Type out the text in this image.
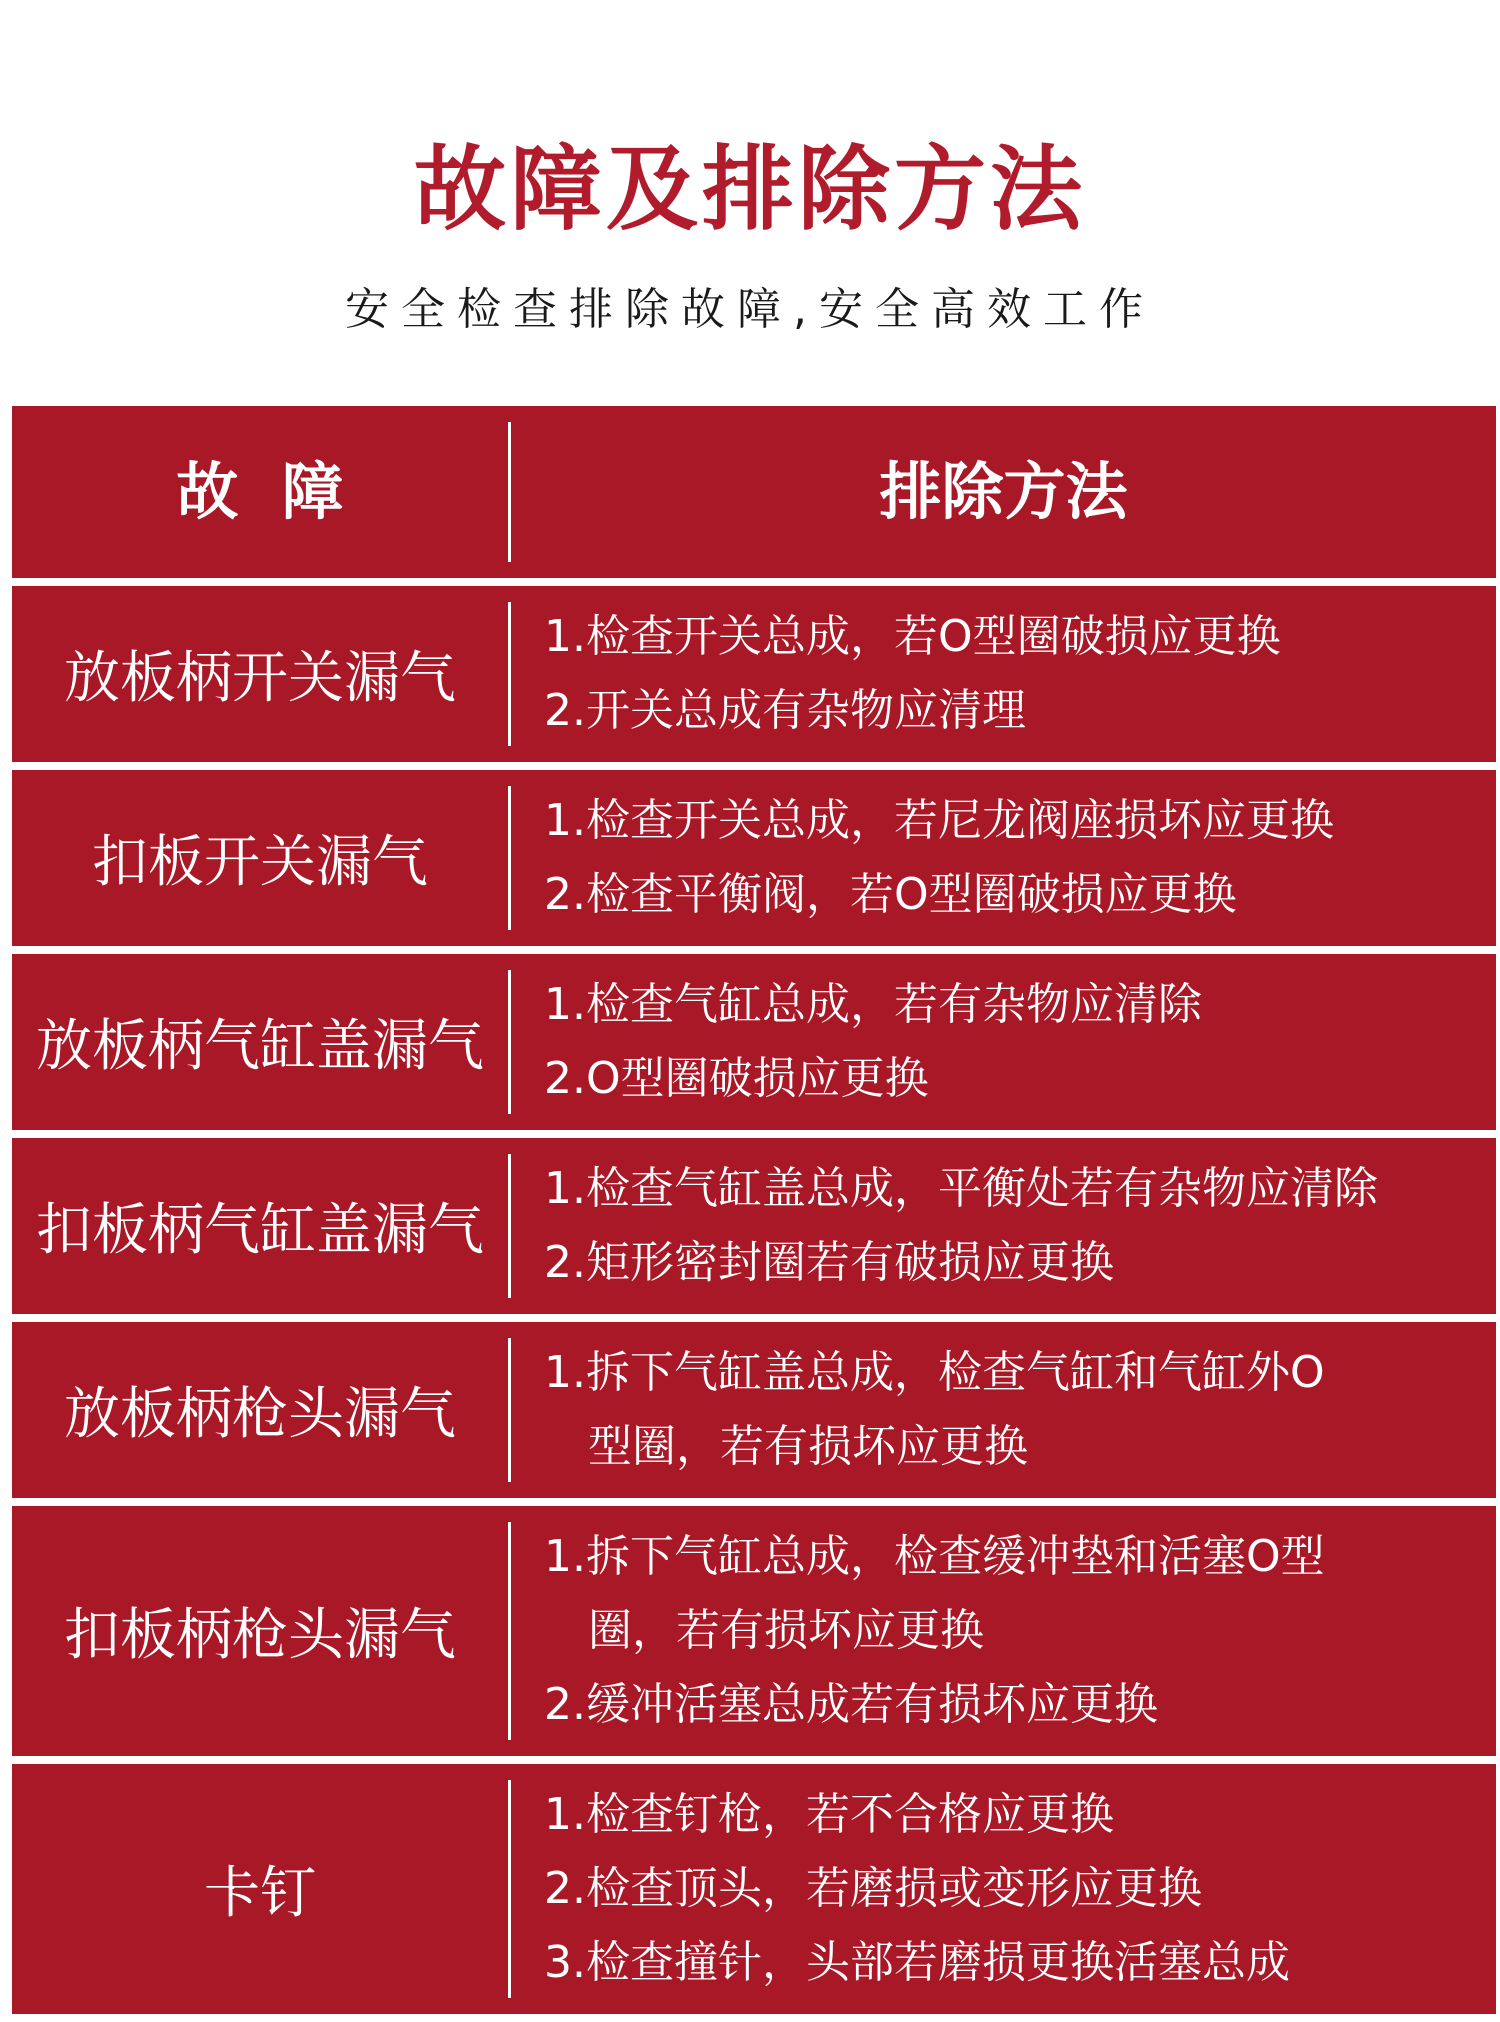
故障及排除方法
安全检查排除故障,安全高效工作
故  障	排除方法
放板柄开关漏气
1.检查开关总成，若O型圈破损应更换
2.开关总成有杂物应清理
扣板开关漏气
1.检查开关总成，若尼龙阀座损坏应更换
2.检查平衡阀，若O型圈破损应更换
放板柄气缸盖漏气
1.检查气缸总成，若有杂物应清除
2.O型圈破损应更换
扣板柄气缸盖漏气
1.检查气缸盖总成，平衡处若有杂物应清除
2.矩形密封圈若有破损应更换
放板柄枪头漏气
1.拆下气缸盖总成，检查气缸和气缸外O
型圈，若有损坏应更换
扣板柄枪头漏气
1.拆下气缸总成，检查缓冲垫和活塞O型
圈，若有损坏应更换
2.缓冲活塞总成若有损坏应更换
卡钉
1.检查钉枪，若不合格应更换
2.检查顶头，若磨损或变形应更换
3.检查撞针，头部若磨损更换活塞总成
